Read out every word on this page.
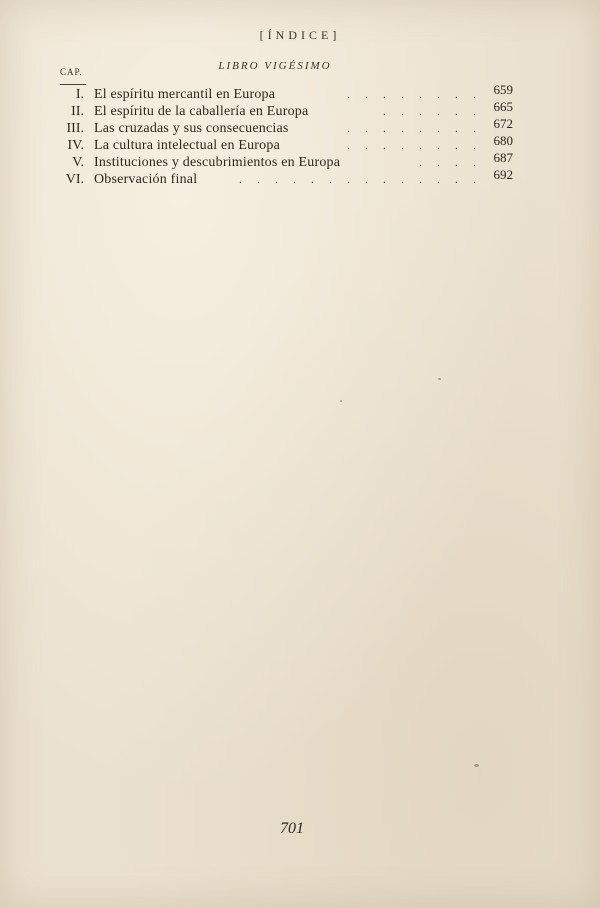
[ÍNDICE]
CAP.	LIBRO VIGÉSIMO
I. El espíritu mercantil en Europa	. . . . . . . . 659
II. El espíritu de la caballería en Europa	. . . . . . 665
III. Las cruzadas y sus consecuencias	. . . . . . . . 672
IV. La cultura intelectual en Europa	. . . . . . . . 680
V. Instituciones y descubrimientos en Europa	. . . . 687
VI. Observación final	. . . . . . . . . . . . . . 692
701
